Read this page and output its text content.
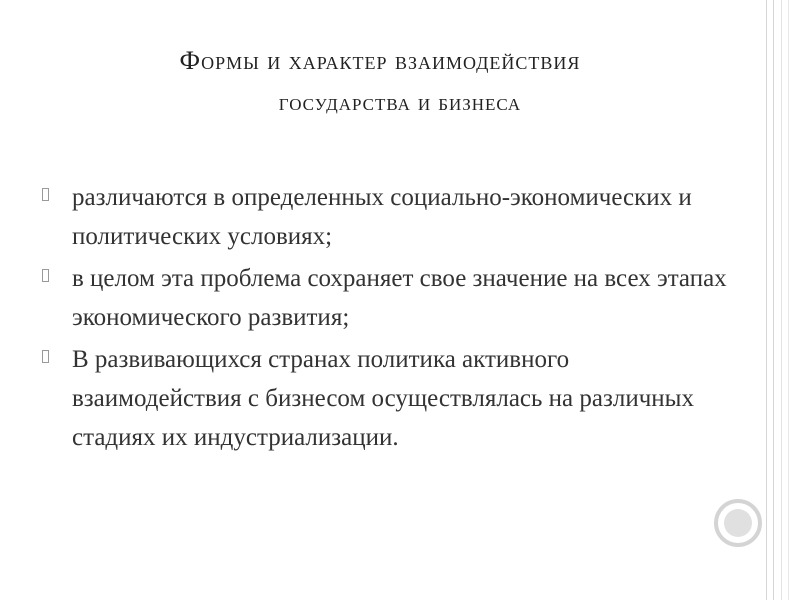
Формы и характер взаимодействия
государства и бизнеса
различаются в определенных социально-экономических и политических условиях;
в целом эта проблема сохраняет свое значение на всех этапах экономического развития;
В развивающихся странах политика активного взаимодействия с бизнесом осуществлялась на различных стадиях их индустриализации.
